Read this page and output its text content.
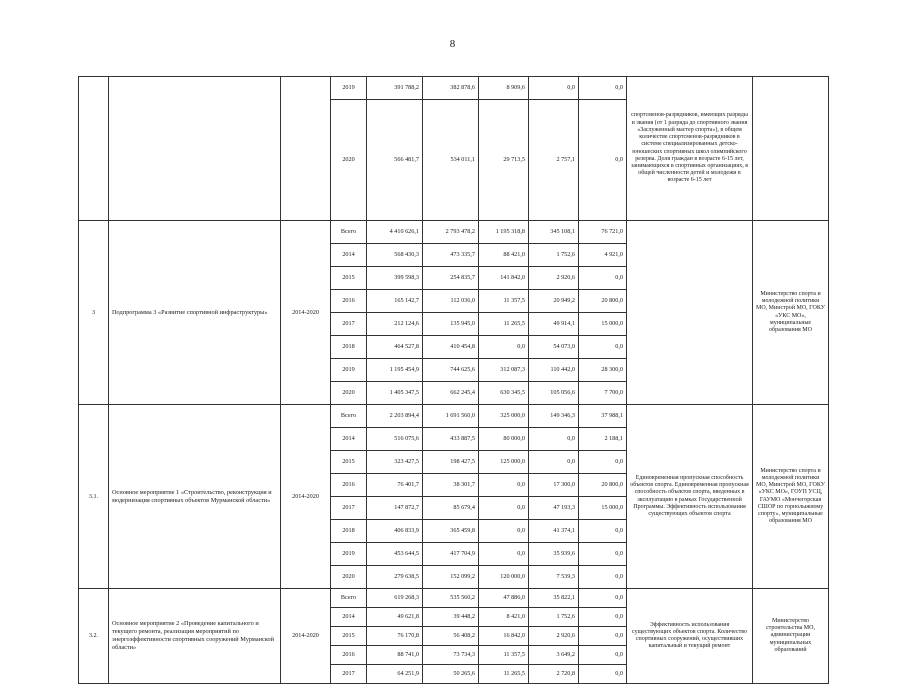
8
			2019	391 788,2	382 878,6	8 909,6	0,0	0,0	спортсменов-разрядников, имеющих разряды и звания (от 1 разряда до спортивного звания «Заслуженный мастер спорта»), в общем количестве спортсменов-разрядников в системе специализированных детско-юношеских спортивных школ олимпийского резерва. Доля граждан в возрасте 6-15 лет, занимающихся в спортивных организациях, в общей численности детей и молодежи в возрасте 6-15 лет	
			2020	566 481,7	534 011,1	29 713,5	2 757,1	0,0		
3	Подпрограмма 3 «Развитие спортивной инфраструктуры»	2014-2020	Всего	4 410 626,1	2 793 478,2	1 195 318,8	345 108,1	76 721,0		Министерство спорта и молодежной политики МО, Минстрой МО, ГОКУ «УКС МО», муниципальные образования МО
			2014	568 430,3	473 335,7	88 421,0	1 752,6	4 921,0		
			2015	399 598,3	254 835,7	141 842,0	2 920,6	0,0		
			2016	165 142,7	112 036,0	11 357,5	20 949,2	20 800,0		
			2017	212 124,6	135 945,0	11 265,5	49 914,1	15 000,0		
			2018	464 527,8	410 454,8	0,0	54 073,0	0,0		
			2019	1 195 454,9	744 625,6	312 087,3	110 442,0	28 300,0		
			2020	1 405 347,5	662 245,4	630 345,5	105 056,6	7 700,0		
3.1.	Основное мероприятие 1 «Строительство, реконструкция и модернизация спортивных объектов Мурманской области»	2014-2020	Всего	2 203 894,4	1 691 560,0	325 000,0	149 346,3	37 988,1	Единовременная пропускная способность объектов спорта. Единовременная пропускная способность объектов спорта, введенных в эксплуатацию в рамках Государственной Программы. Эффективность использования существующих объектов спорта	Министерство спорта и молодежной политики МО, Минстрой МО, ГОКУ «УКС МО», ГОУП УСЦ, ГАУМО «Мончегорская СШОР по горнолыжному спорту», муниципальные образования МО
			2014	516 075,6	433 887,5	80 000,0	0,0	2 188,1		
			2015	323 427,5	198 427,5	125 000,0	0,0	0,0		
			2016	76 401,7	38 301,7	0,0	17 300,0	20 800,0		
			2017	147 872,7	85 679,4	0,0	47 193,3	15 000,0		
			2018	406 833,9	365 459,8	0,0	41 374,1	0,0		
			2019	453 644,5	417 704,9	0,0	35 939,6	0,0		
			2020	279 638,5	152 099,2	120 000,0	7 539,3	0,0		
3.2.	Основное мероприятие 2 «Проведение капитального и текущего ремонта, реализация мероприятий по энергоэффективности спортивных сооружений Мурманской области»	2014-2020	Всего	619 268,3	535 560,2	47 886,0	35 822,1	0,0	Эффективность использования существующих объектов спорта. Количество спортивных сооружений, осуществивших капитальный и текущий ремонт	Министерство строительства МО, администрации муниципальных образований
			2014	49 621,8	39 448,2	8 421,0	1 752,6	0,0		
			2015	76 170,8	56 408,2	16 842,0	2 920,6	0,0		
			2016	88 741,0	73 734,3	11 357,5	3 649,2	0,0		
			2017	64 251,9	50 265,6	11 265,5	2 720,8	0,0		
